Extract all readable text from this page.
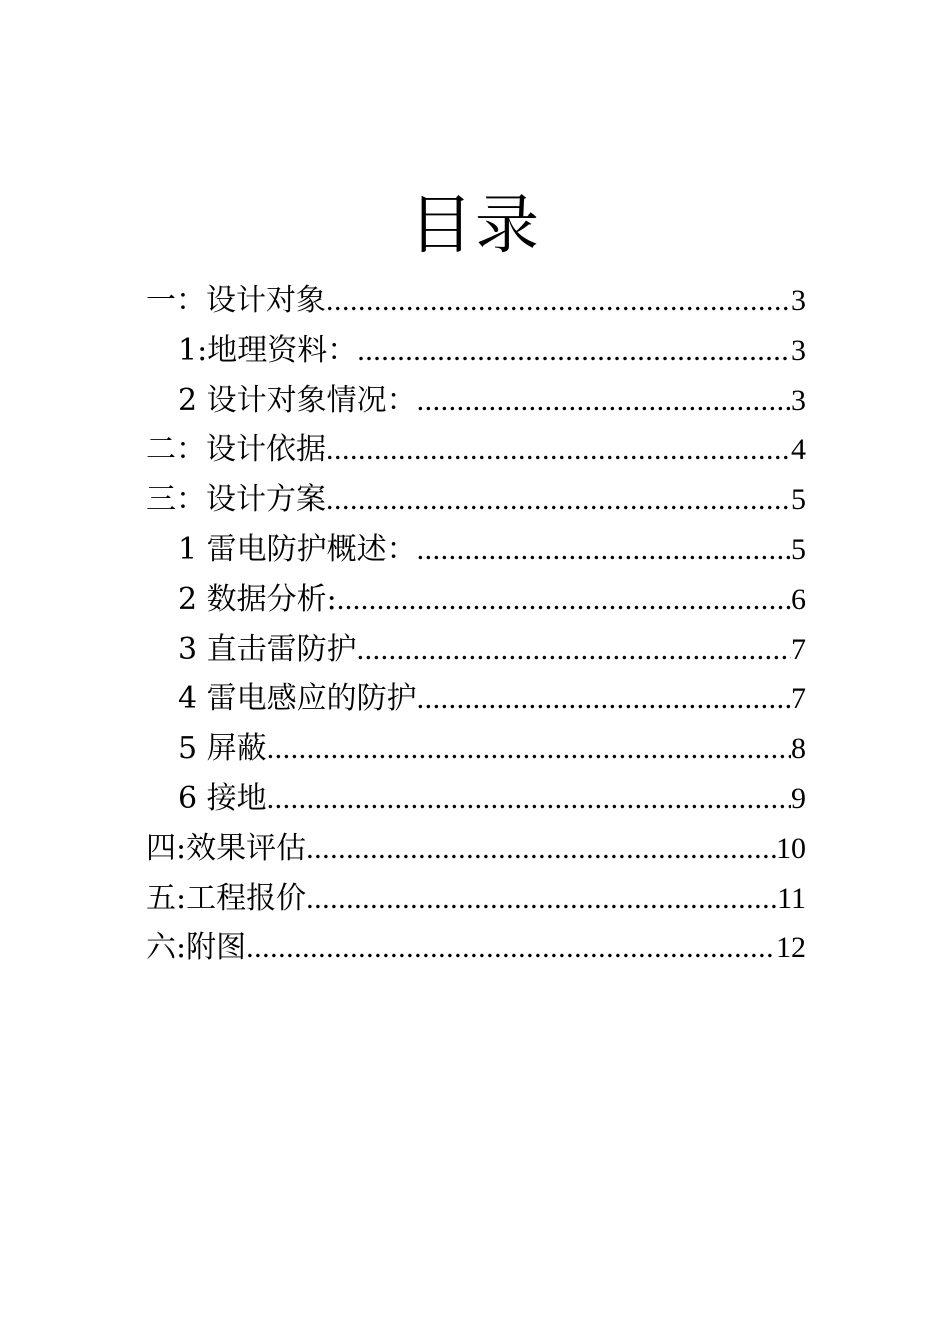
目录
一：设计对象 .....	3
1:地理资料： .....	3
2 设计对象情况： .....	3
二：设计依据 .....	4
三：设计方案 .....	5
1 雷电防护概述： .....	5
2 数据分析: .....	6
3 直击雷防护 .....	7
4 雷电感应的防护 .....	7
5 屏蔽 .....	8
6 接地 .....	9
四:效果评估 .....	10
五:工程报价 .....	11
六:附图 .....	12
